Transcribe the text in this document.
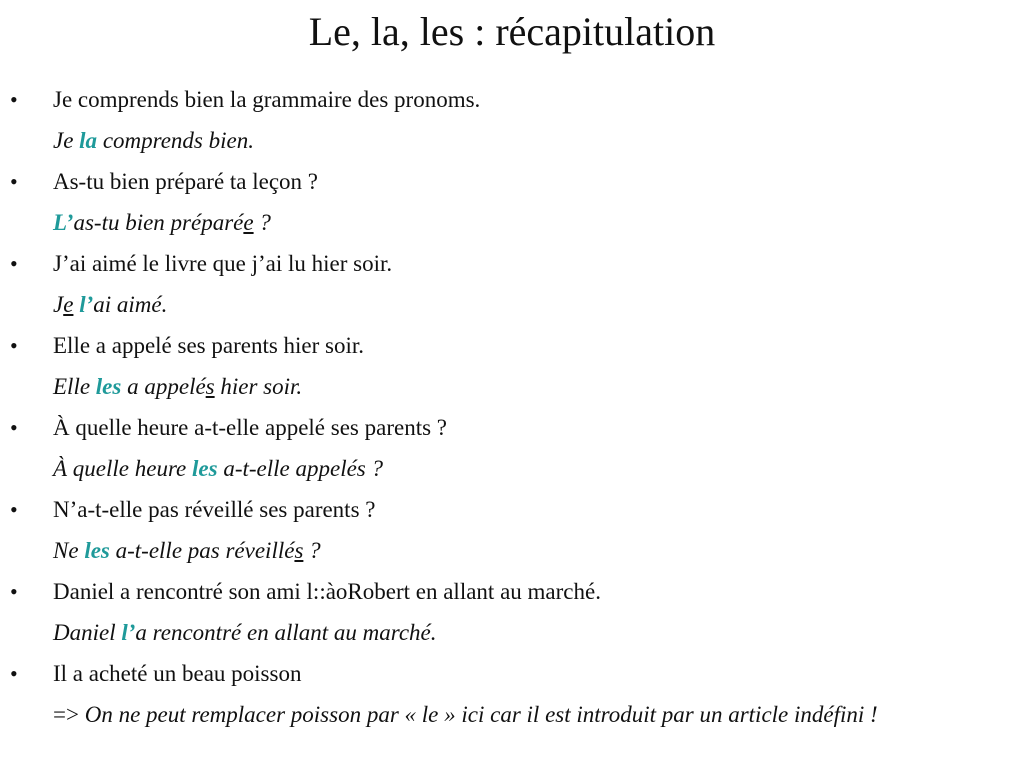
Le, la, les : récapitulation
• Je comprends bien la grammaire des pronoms.
Je la comprends bien.
• As-tu bien préparé ta leçon ?
L’as-tu bien préparée ?
• J’ai aimé le livre que j’ai lu hier soir.
Je l’ai aimé.
• Elle a appelé ses parents hier soir.
Elle les a appelés hier soir.
• À quelle heure a-t-elle appelé ses parents ?
À quelle heure les a-t-elle appelés ?
• N’a-t-elle pas réveillé ses parents ?
Ne les a-t-elle pas réveillés ?
• Daniel a rencontré son ami l::àoRobert en allant au marché.
Daniel l’a rencontré en allant au marché.
• Il a acheté un beau poisson
=> On ne peut remplacer poisson par « le » ici car il est introduit par un article indéfini !
